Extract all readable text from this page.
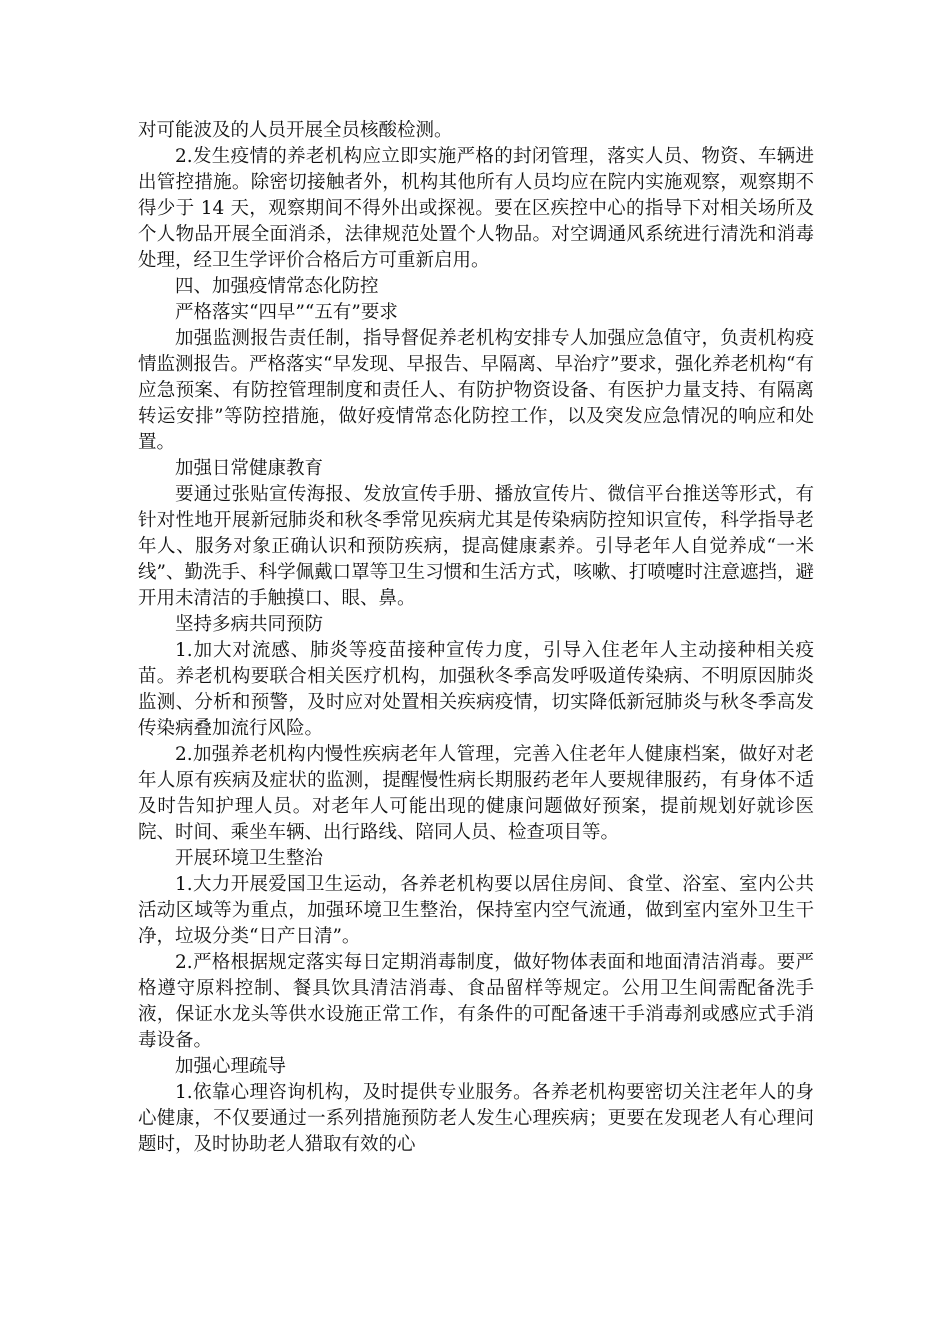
对可能波及的人员开展全员核酸检测。

2.发生疫情的养老机构应立即实施严格的封闭管理，落实人员、物资、车辆进出管控措施。除密切接触者外，机构其他所有人员均应在院内实施观察，观察期不得少于 14 天，观察期间不得外出或探视。要在区疾控中心的指导下对相关场所及个人物品开展全面消杀，法律规范处置个人物品。对空调通风系统进行清洗和消毒处理，经卫生学评价合格后方可重新启用。

四、加强疫情常态化防控

严格落实“四早”“五有”要求

加强监测报告责任制，指导督促养老机构安排专人加强应急值守，负责机构疫情监测报告。严格落实“早发现、早报告、早隔离、早治疗”要求，强化养老机构“有应急预案、有防控管理制度和责任人、有防护物资设备、有医护力量支持、有隔离转运安排”等防控措施，做好疫情常态化防控工作，以及突发应急情况的响应和处置。

加强日常健康教育

要通过张贴宣传海报、发放宣传手册、播放宣传片、微信平台推送等形式，有针对性地开展新冠肺炎和秋冬季常见疾病尤其是传染病防控知识宣传，科学指导老年人、服务对象正确认识和预防疾病，提高健康素养。引导老年人自觉养成“一米线”、勤洗手、科学佩戴口罩等卫生习惯和生活方式，咳嗽、打喷嚏时注意遮挡，避开用未清洁的手触摸口、眼、鼻。

坚持多病共同预防

1.加大对流感、肺炎等疫苗接种宣传力度，引导入住老年人主动接种相关疫苗。养老机构要联合相关医疗机构，加强秋冬季高发呼吸道传染病、不明原因肺炎监测、分析和预警，及时应对处置相关疾病疫情，切实降低新冠肺炎与秋冬季高发传染病叠加流行风险。

2.加强养老机构内慢性疾病老年人管理，完善入住老年人健康档案，做好对老年人原有疾病及症状的监测，提醒慢性病长期服药老年人要规律服药，有身体不适及时告知护理人员。对老年人可能出现的健康问题做好预案，提前规划好就诊医院、时间、乘坐车辆、出行路线、陪同人员、检查项目等。

开展环境卫生整治

1.大力开展爱国卫生运动，各养老机构要以居住房间、食堂、浴室、室内公共活动区域等为重点，加强环境卫生整治，保持室内空气流通，做到室内室外卫生干净，垃圾分类“日产日清”。

2.严格根据规定落实每日定期消毒制度，做好物体表面和地面清洁消毒。要严格遵守原料控制、餐具饮具清洁消毒、食品留样等规定。公用卫生间需配备洗手液，保证水龙头等供水设施正常工作，有条件的可配备速干手消毒剂或感应式手消毒设备。

加强心理疏导

1.依靠心理咨询机构，及时提供专业服务。各养老机构要密切关注老年人的身心健康，不仅要通过一系列措施预防老人发生心理疾病；更要在发现老人有心理问题时，及时协助老人猎取有效的心
